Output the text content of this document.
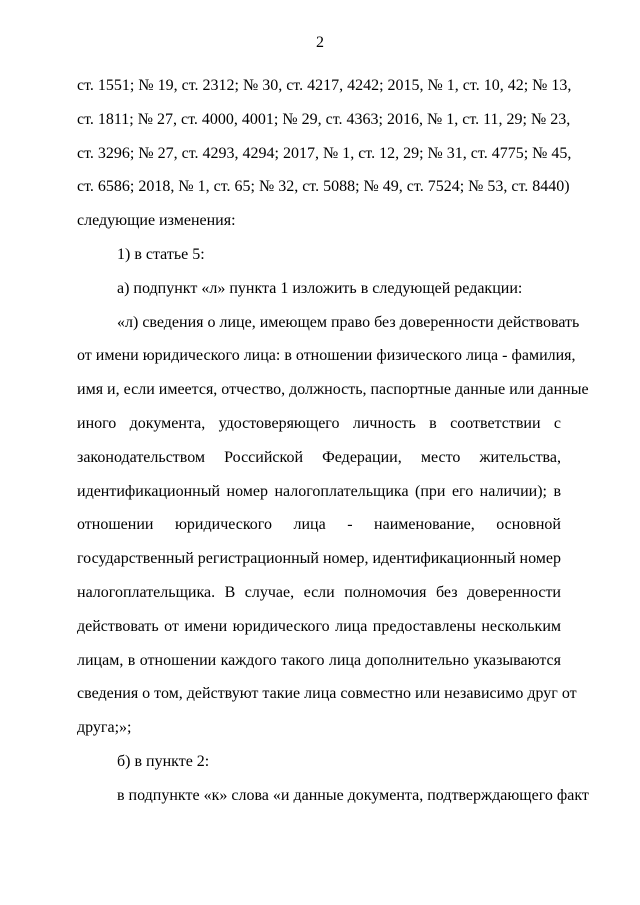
2
ст. 1551; № 19, ст. 2312; № 30, ст. 4217, 4242; 2015, № 1, ст. 10, 42; № 13,
ст. 1811; № 27, ст. 4000, 4001; № 29, ст. 4363; 2016, № 1, ст. 11, 29; № 23,
ст. 3296; № 27, ст. 4293, 4294; 2017, № 1, ст. 12, 29; № 31, ст. 4775; № 45,
ст. 6586; 2018, № 1, ст. 65; № 32, ст. 5088; № 49, ст. 7524; № 53, ст. 8440)
следующие изменения:
1) в статье 5:
а) подпункт «л» пункта 1 изложить в следующей редакции:
«л) сведения о лице, имеющем право без доверенности действовать
от имени юридического лица: в отношении физического лица - фамилия,
имя и, если имеется, отчество, должность, паспортные данные или данные
иного документа, удостоверяющего личность в соответствии с
законодательством Российской Федерации, место жительства,
идентификационный номер налогоплательщика (при его наличии); в
отношении юридического лица - наименование, основной
государственный регистрационный номер, идентификационный номер
налогоплательщика. В случае, если полномочия без доверенности
действовать от имени юридического лица предоставлены нескольким
лицам, в отношении каждого такого лица дополнительно указываются
сведения о том, действуют такие лица совместно или независимо друг от
друга;»;
б) в пункте 2:
в подпункте «к» слова «и данные документа, подтверждающего факт
